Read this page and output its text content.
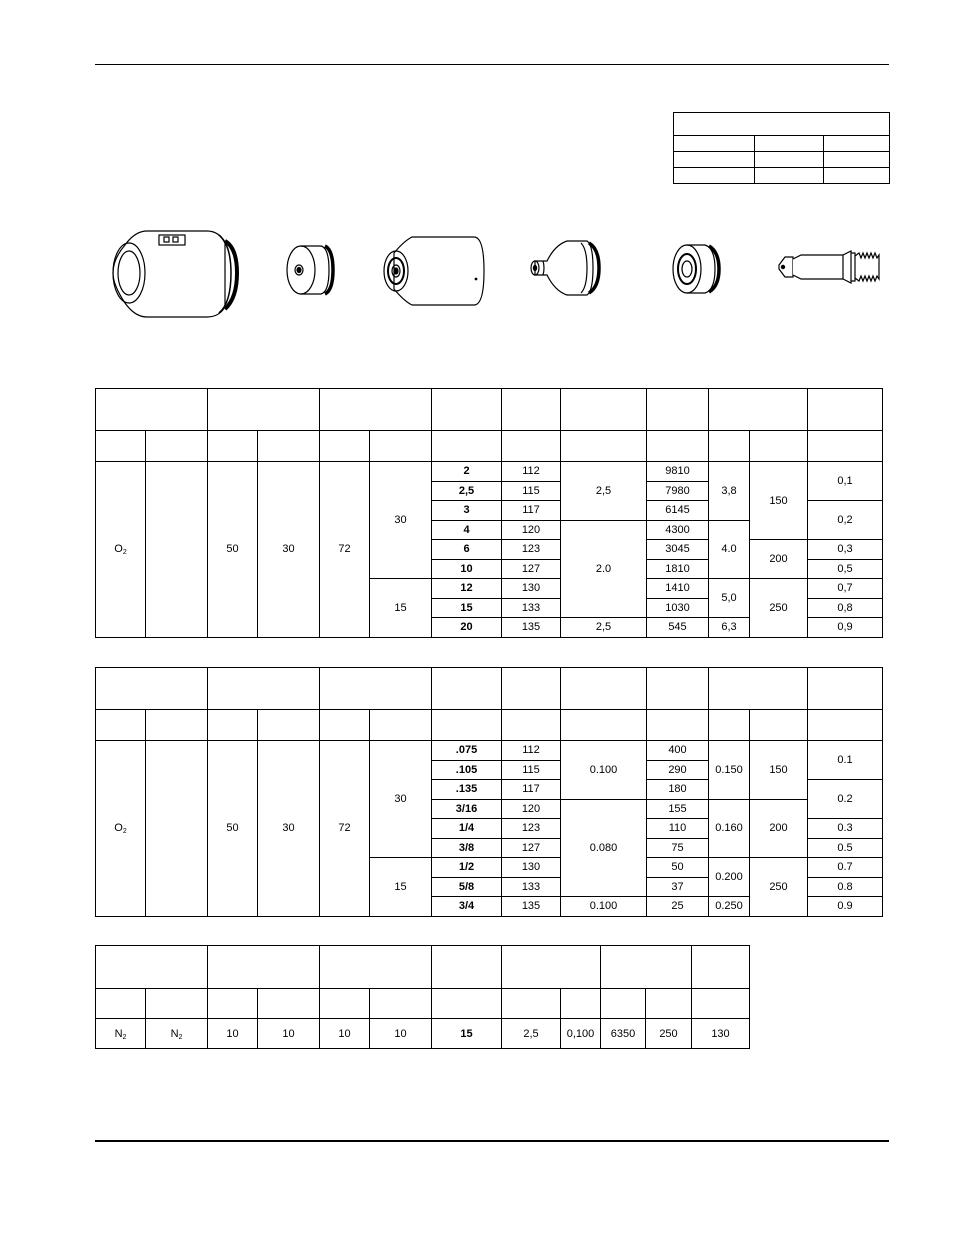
$O_2$		50	30	72	30	2	112	2,5	9810	3,8	150	0,1
						2,5	115		7980			
						3	117		6145			0,2
						4	120	2.0	4300	4.0		
						6	123		3045		200	0,3
						10	127		1810			0,5
					15	12	130		1410	5,0	250	0,7
						15	133		1030			0,8
						20	135	2,5	545	6,3		0,9

$O_2$		50	30	72	30	.075	112	0.100	400	0.150	150	0.1
						.105	115		290			
						.135	117		180			0.2
						3/16	120	0.080	155	0.160	200	
						1/4	123		110			0.3
						3/8	127		75			0.5
					15	1/2	130		50	0.200	250	0.7
						5/8	133		37			0.8
						3/4	135	0.100	25	0.250		0.9

$N_2$	$N_2$	10	10	10	10	15	2,5	0,100	6350	250	130
